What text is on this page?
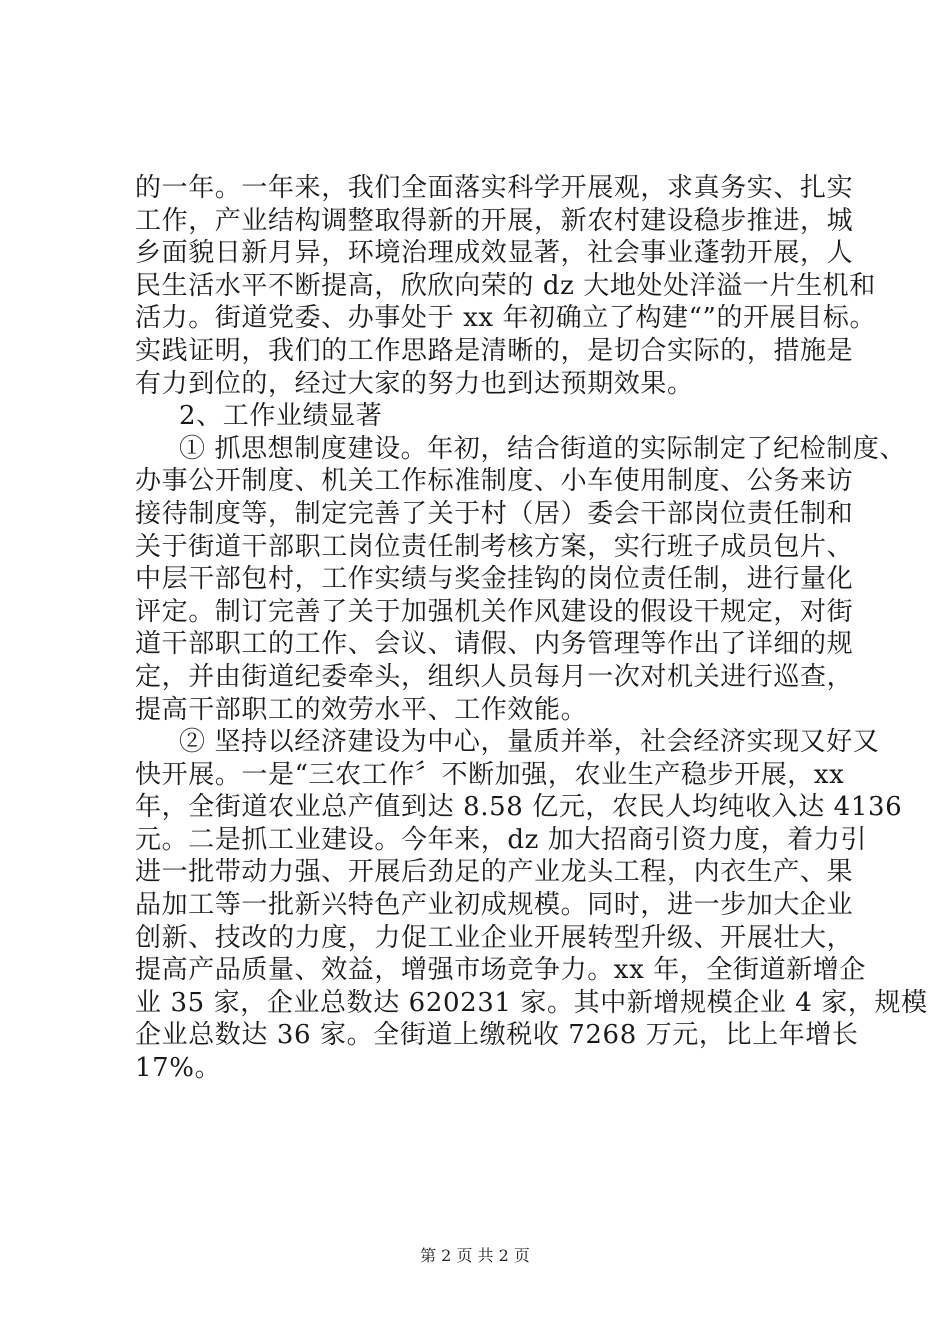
的一年。一年来，我们全面落实科学开展观，求真务实、扎实
工作，产业结构调整取得新的开展，新农村建设稳步推进，城
乡面貌日新月异，环境治理成效显著，社会事业蓬勃开展，人
民生活水平不断提高，欣欣向荣的 dz 大地处处洋溢一片生机和
活力。街道党委、办事处于 xx 年初确立了构建“”的开展目标。
实践证明，我们的工作思路是清晰的，是切合实际的，措施是
有力到位的，经过大家的努力也到达预期效果。
2、工作业绩显著
① 抓思想制度建设。年初，结合街道的实际制定了纪检制度、
办事公开制度、机关工作标准制度、小车使用制度、公务来访
接待制度等，制定完善了关于村（居）委会干部岗位责任制和
关于街道干部职工岗位责任制考核方案，实行班子成员包片、
中层干部包村，工作实绩与奖金挂钩的岗位责任制，进行量化
评定。制订完善了关于加强机关作风建设的假设干规定，对街
道干部职工的工作、会议、请假、内务管理等作出了详细的规
定，并由街道纪委牵头，组织人员每月一次对机关进行巡查，
提高干部职工的效劳水平、工作效能。
② 坚持以经济建设为中心，量质并举，社会经济实现又好又
快开展。一是“三农工作〞不断加强，农业生产稳步开展，xx
年，全街道农业总产值到达 8.58 亿元，农民人均纯收入达 4136
元。二是抓工业建设。今年来，dz 加大招商引资力度，着力引
进一批带动力强、开展后劲足的产业龙头工程，内衣生产、果
品加工等一批新兴特色产业初成规模。同时，进一步加大企业
创新、技改的力度，力促工业企业开展转型升级、开展壮大，
提高产品质量、效益，增强市场竞争力。xx 年，全街道新增企
业 35 家，企业总数达 620231 家。其中新增规模企业 4 家，规模
企业总数达 36 家。全街道上缴税收 7268 万元，比上年增长
17%。
第 2 页 共 2 页
